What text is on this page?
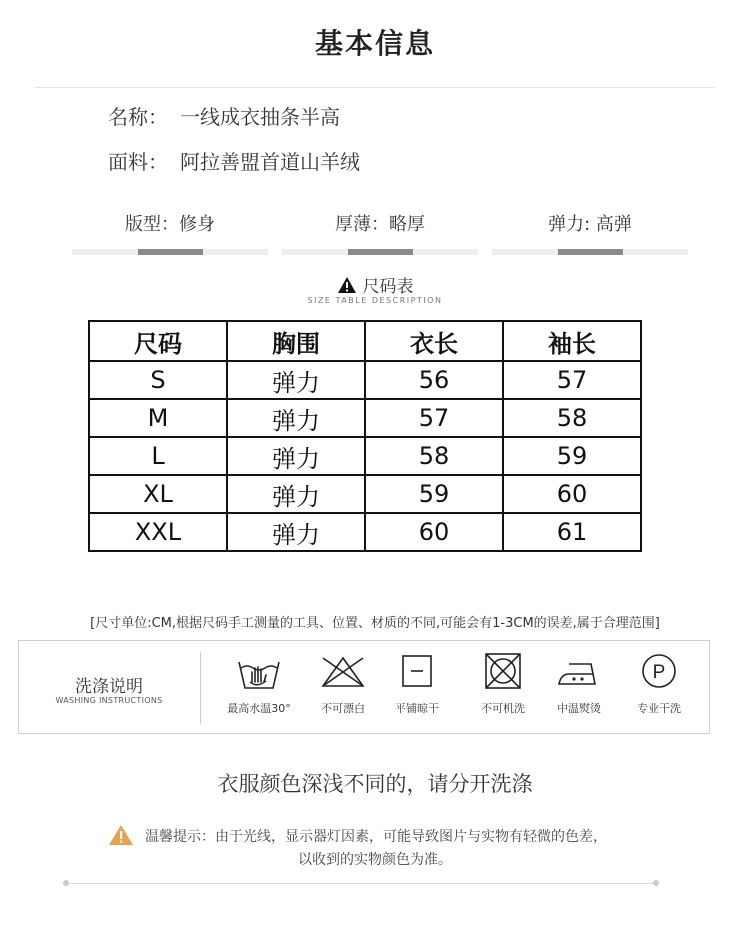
基本信息
名称： 一线成衣抽条半高
面料： 阿拉善盟首道山羊绒
版型：修身	厚薄：略厚	弹力: 高弹
尺码表
SIZE TABLE DESCRIPTION
尺码	胸围	衣长	袖长
S	弹力	56	57
M	弹力	57	58
L	弹力	58	59
XL	弹力	59	60
XXL	弹力	60	61
[尺寸单位:CM,根据尺码手工测量的工具、位置、材质的不同,可能会有1-3CM的误差,属于合理范围]
洗涤说明
WASHING INSTRUCTIONS
最高水温30°	不可漂白	平铺晾干	不可机洗	中温熨烫
P
专业干洗
衣服颜色深浅不同的，请分开洗涤
温馨提示：由于光线，显示器灯因素，可能导致图片与实物有轻微的色差，
以收到的实物颜色为准。
